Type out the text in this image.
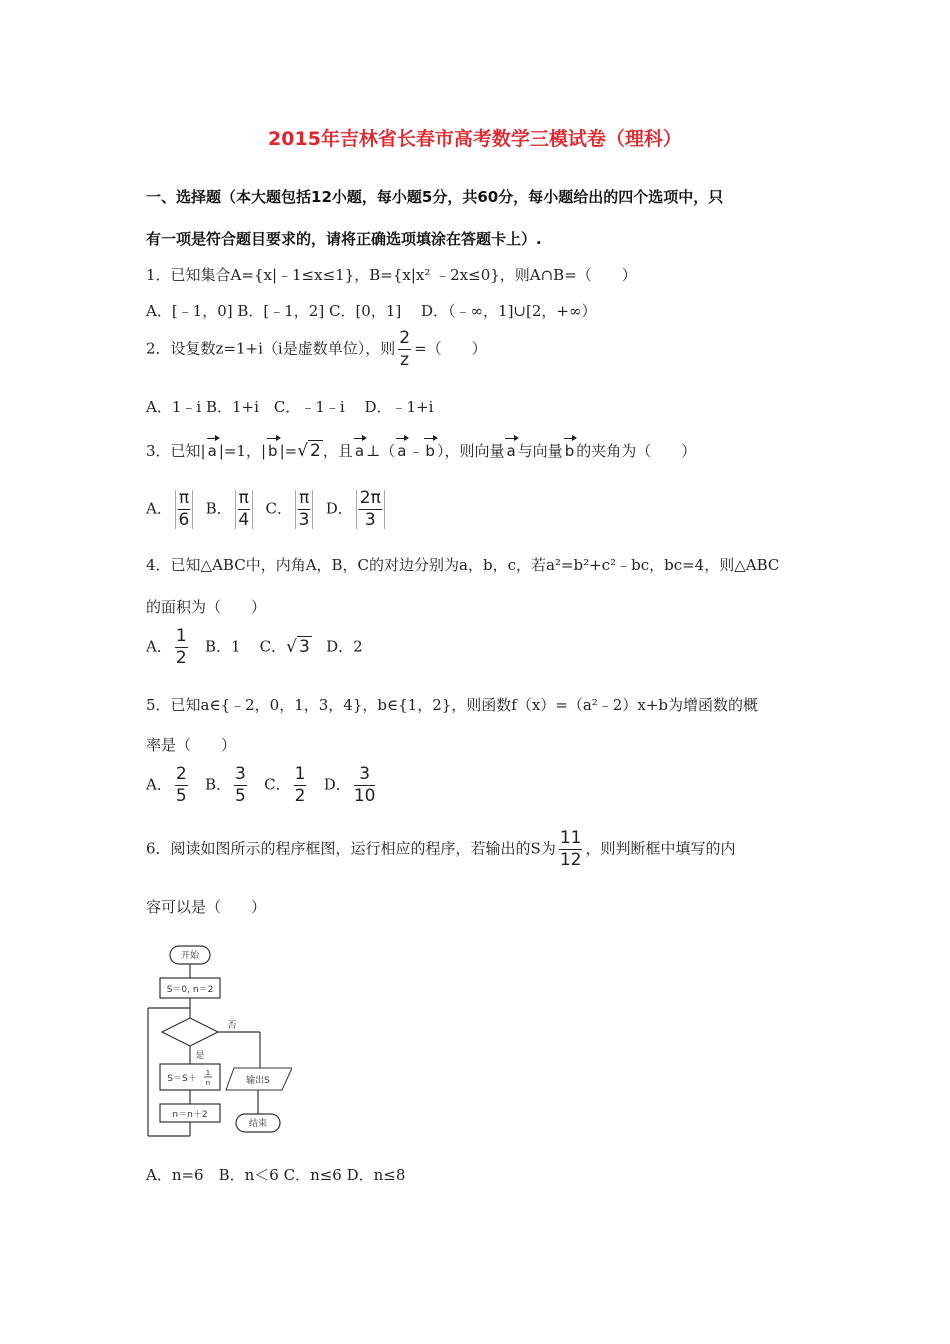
2015年吉林省长春市高考数学三模试卷（理科）
一、选择题（本大题包括12小题，每小题5分，共60分，每小题给出的四个选项中，只
有一项是符合题目要求的，请将正确选项填涂在答题卡上）.
1．已知集合A={x|﹣1≤x≤1}，B={x|x² ﹣2x≤0}，则A∩B=（　　）
A．[﹣1，0] B．[﹣1，2] C．[0，1]　 D．（﹣∞，1]∪[2，+∞）
2．设复数z=1+i（i是虚数单位），则 $\frac{2}{z}$ =（　　）
A．1﹣i B．1+i　C．﹣1﹣i　 D．﹣1+i
3．已知| a |=1，| b |=√ 2 ，且 a ⊥（ a ﹣ b ），则向量 a 与向量 b 的夹角为（　　）
A． $\frac{\pi}{6}$ B． $\frac{\pi}{4}$ C． $\frac{\pi}{3}$ D． $\frac{2\pi}{3}$
4．已知△ABC中，内角A，B，C的对边分别为a，b，c，若a²=b²+c²﹣bc，bc=4，则△ABC
的面积为（　　）
A． $\frac{1}{2}$ B．1 C．√ 3 D．2
5．已知a∈{﹣2，0，1，3，4}，b∈{1，2}，则函数f（x）=（a²﹣2）x+b为增函数的概
率是（　　）
A． $\frac{2}{5}$ B． $\frac{3}{5}$ C． $\frac{1}{2}$ D． $\frac{3}{10}$
6．阅读如图所示的程序框图，运行相应的程序，若输出的S为 $\frac{11}{12}$ ，则判断框中填写的内
容可以是（　　）
开始
S＝0, n＝2
否
输出S
结束
是
S＝S＋
1
n
n＝n＋2
A．n=6　B．n＜6 C．n≤6 D．n≤8
